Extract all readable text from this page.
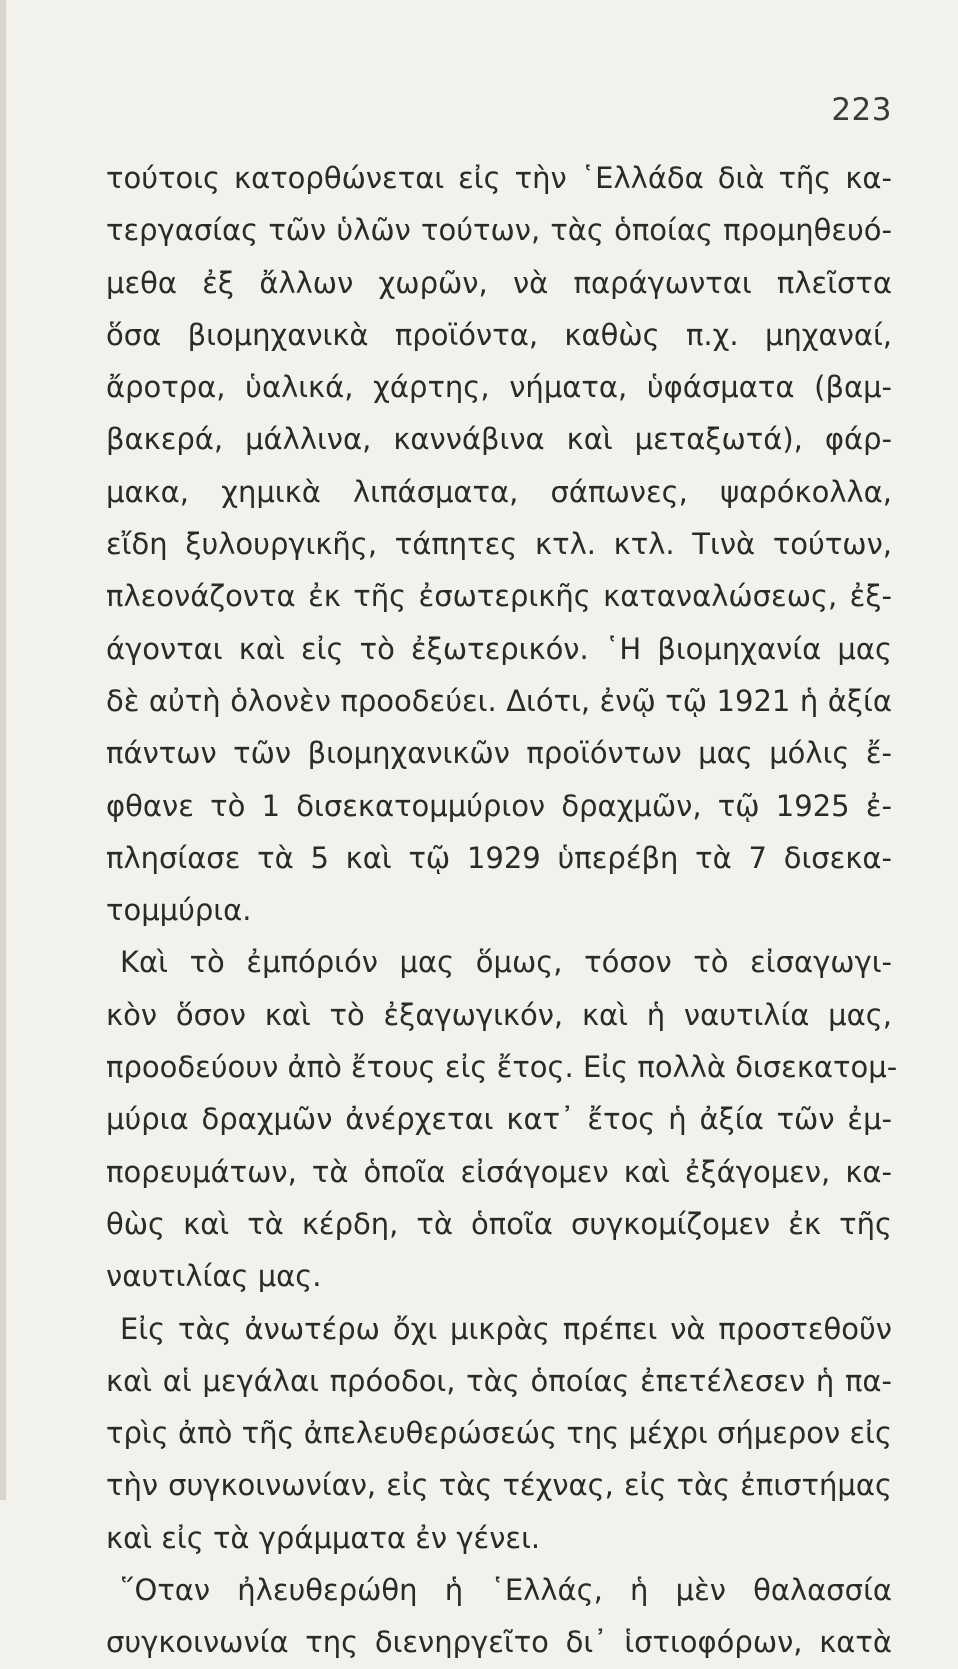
223
τούτοις κατορθώνεται εἰς τὴν ῾Ελλάδα διὰ τῆς κα-
τεργασίας τῶν ὑλῶν τούτων, τὰς ὁποίας προμηθευό-
μεθα ἐξ ἄλλων χωρῶν, νὰ παράγωνται πλεῖστα
ὅσα βιομηχανικὰ προϊόντα, καθὼς π.χ. μηχαναί,
ἄροτρα, ὑαλικά, χάρτης, νήματα, ὑφάσματα (βαμ-
βακερά, μάλλινα, καννάβινα καὶ μεταξωτά), φάρ-
μακα, χημικὰ λιπάσματα, σάπωνες, ψαρόκολλα,
εἴδη ξυλουργικῆς, τάπητες κτλ. κτλ. Τινὰ τούτων,
πλεονάζοντα ἐκ τῆς ἐσωτερικῆς καταναλώσεως, ἐξ-
άγονται καὶ εἰς τὸ ἐξωτερικόν. ῾Η βιομηχανία μας
δὲ αὐτὴ ὁλονὲν προοδεύει. Διότι, ἐνῷ τῷ 1921 ἡ ἀξία
πάντων τῶν βιομηχανικῶν προϊόντων μας μόλις ἔ-
φθανε τὸ 1 δισεκατομμύριον δραχμῶν, τῷ 1925 ἐ-
πλησίασε τὰ 5 καὶ τῷ 1929 ὑπερέβη τὰ 7 δισεκα-
τομμύρια.
Καὶ τὸ ἐμπόριόν μας ὅμως, τόσον τὸ εἰσαγωγι-
κὸν ὅσον καὶ τὸ ἐξαγωγικόν, καὶ ἡ ναυτιλία μας,
προοδεύουν ἀπὸ ἔτους εἰς ἔτος. Εἰς πολλὰ δισεκατομ-
μύρια δραχμῶν ἀνέρχεται κατ᾿ ἔτος ἡ ἀξία τῶν ἐμ-
πορευμάτων, τὰ ὁποῖα εἰσάγομεν καὶ ἐξάγομεν, κα-
θὼς καὶ τὰ κέρδη, τὰ ὁποῖα συγκομίζομεν ἐκ τῆς
ναυτιλίας μας.
Εἰς τὰς ἀνωτέρω ὄχι μικρὰς πρέπει νὰ προστεθοῦν
καὶ αἱ μεγάλαι πρόοδοι, τὰς ὁποίας ἐπετέλεσεν ἡ πα-
τρὶς ἀπὸ τῆς ἀπελευθερώσεώς της μέχρι σήμερον εἰς
τὴν συγκοινωνίαν, εἰς τὰς τέχνας, εἰς τὰς ἐπιστήμας
καὶ εἰς τὰ γράμματα ἐν γένει.
῞Οταν ἠλευθερώθη ἡ ῾Ελλάς, ἡ μὲν θαλασσία
συγκοινωνία της διενηργεῖτο δι᾿ ἱστιοφόρων, κατὰ
